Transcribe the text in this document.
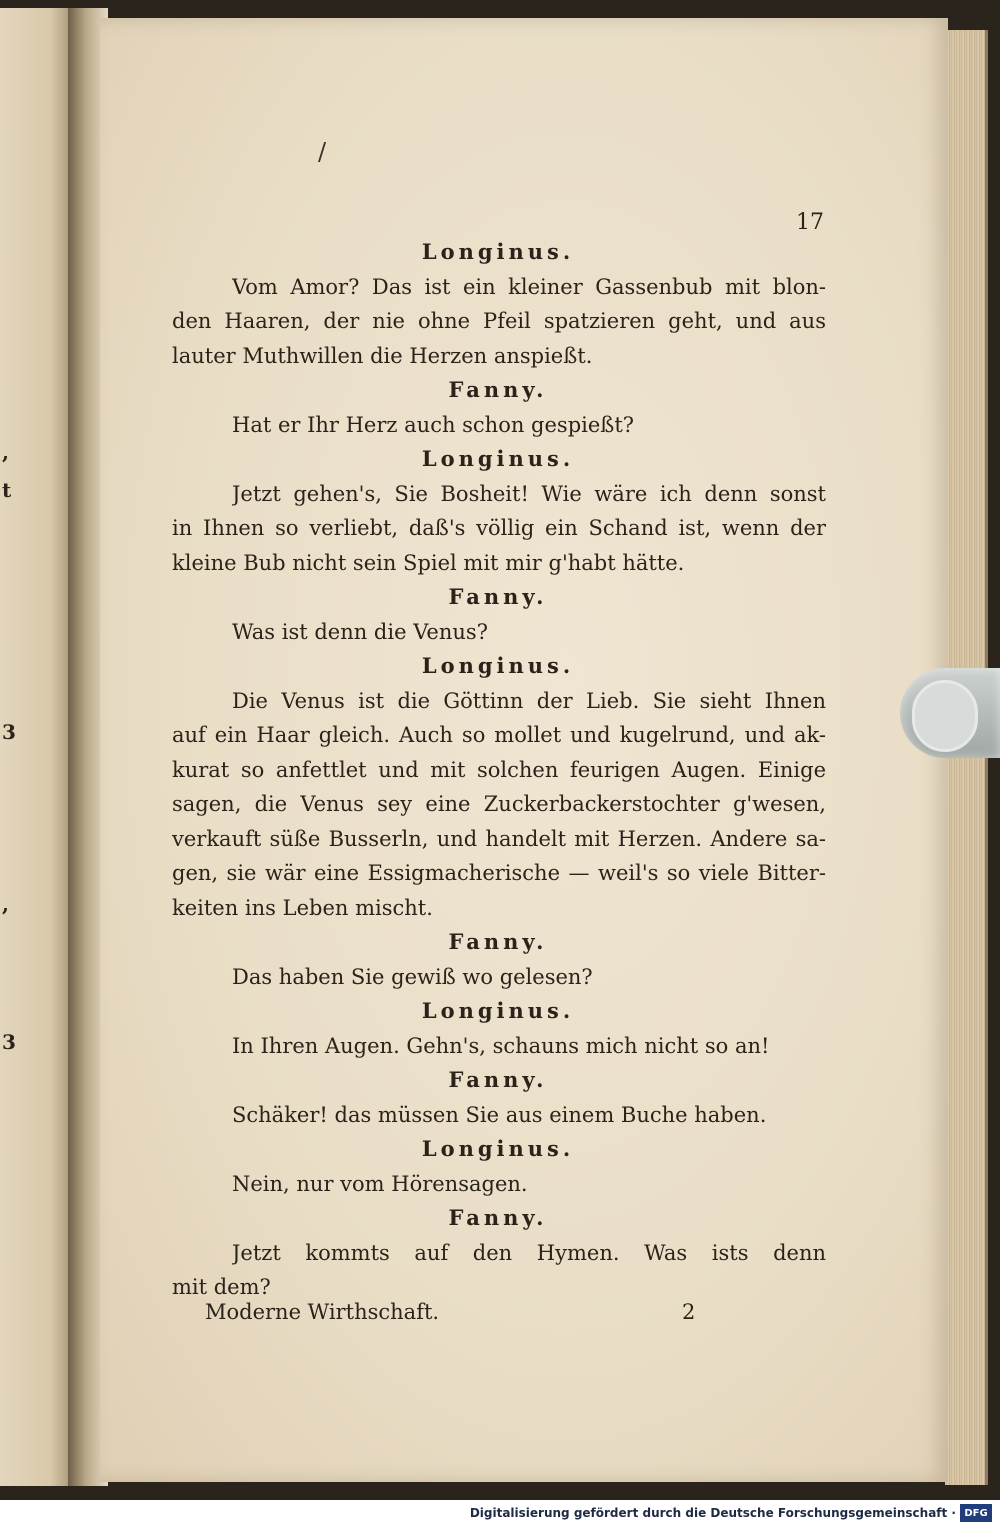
,
t
3
,
3
/
17
Longinus.
Vom Amor? Das ist ein kleiner Gassenbub mit blon-
den Haaren, der nie ohne Pfeil spatzieren geht, und aus
lauter Muthwillen die Herzen anspießt.
Fanny.
Hat er Ihr Herz auch schon gespießt?
Longinus.
Jetzt gehen's, Sie Bosheit! Wie wäre ich denn sonst
in Ihnen so verliebt, daß's völlig ein Schand ist, wenn der
kleine Bub nicht sein Spiel mit mir g'habt hätte.
Fanny.
Was ist denn die Venus?
Longinus.
Die Venus ist die Göttinn der Lieb. Sie sieht Ihnen
auf ein Haar gleich. Auch so mollet und kugelrund, und ak-
kurat so anfettlet und mit solchen feurigen Augen. Einige
sagen, die Venus sey eine Zuckerbackerstochter g'wesen,
verkauft süße Busserln, und handelt mit Herzen. Andere sa-
gen, sie wär eine Essigmacherische — weil's so viele Bitter-
keiten ins Leben mischt.
Fanny.
Das haben Sie gewiß wo gelesen?
Longinus.
In Ihren Augen. Gehn's, schauns mich nicht so an!
Fanny.
Schäker! das müssen Sie aus einem Buche haben.
Longinus.
Nein, nur vom Hörensagen.
Fanny.
Jetzt kommts auf den Hymen. Was ists denn
mit dem?
Moderne Wirthschaft.	2
Digitalisierung gefördert durch die Deutsche Forschungsgemeinschaft · DFG
